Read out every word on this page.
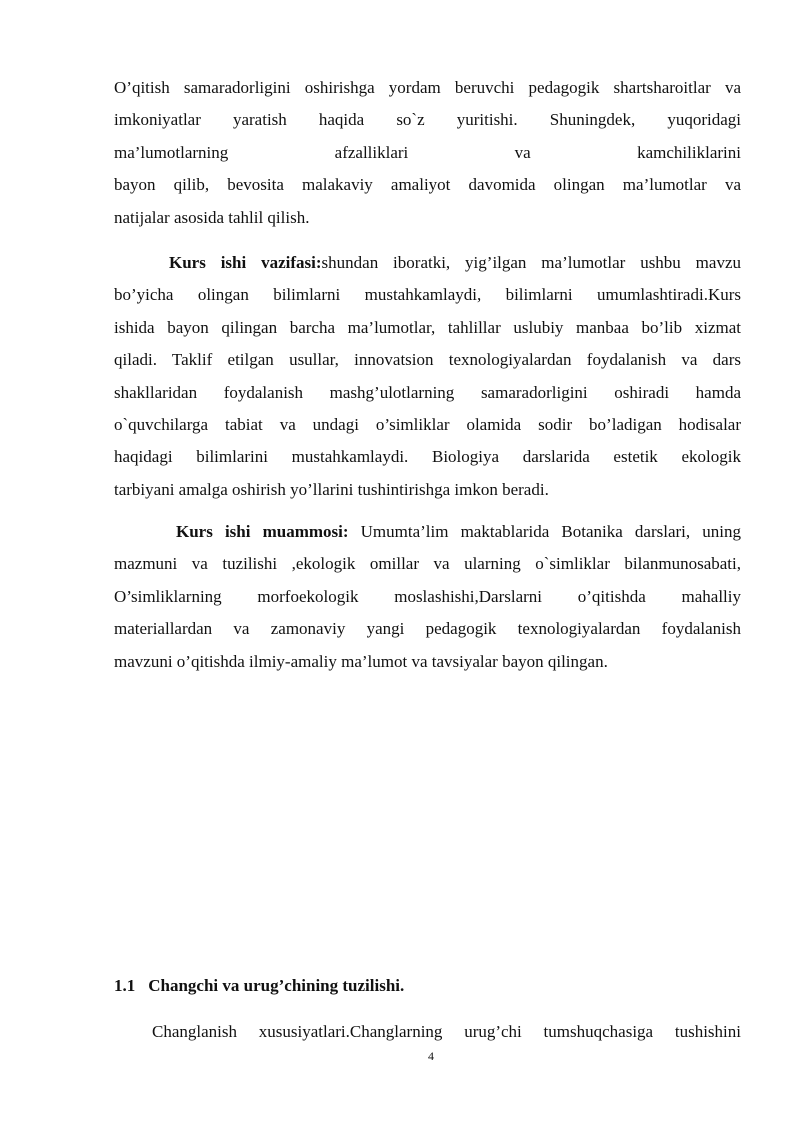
O’qitish samaradorligini oshirishga yordam beruvchi pedagogik shartsharoitlar va
imkoniyatlar yaratish haqida so`z yuritishi. Shuningdek, yuqoridagi
ma’lumotlarning	afzalliklari	va	kamchiliklarini
bayon qilib, bevosita malakaviy amaliyot davomida olingan ma’lumotlar va
natijalar asosida tahlil qilish.
Kurs ishi vazifasi:shundan iboratki, yig’ilgan ma’lumotlar ushbu mavzu
bo’yicha olingan bilimlarni mustahkamlaydi, bilimlarni umumlashtiradi.Kurs
ishida bayon qilingan barcha ma’lumotlar, tahlillar uslubiy manbaa bo’lib xizmat
qiladi. Taklif etilgan usullar, innovatsion texnologiyalardan foydalanish va dars
shakllaridan foydalanish mashg’ulotlarning samaradorligini oshiradi hamda
o`quvchilarga tabiat va undagi o’simliklar olamida sodir bo’ladigan hodisalar
haqidagi bilimlarini mustahkamlaydi. Biologiya darslarida estetik ekologik
tarbiyani amalga oshirish yo’llarini tushintirishga imkon beradi.
Kurs ishi muammosi: Umumta’lim maktablarida Botanika darslari, uning
mazmuni va tuzilishi ,ekologik omillar va ularning o`simliklar bilanmunosabati,
O’simliklarning morfoekologik moslashishi,Darslarni o’qitishda mahalliy
materiallardan va zamonaviy yangi pedagogik texnologiyalardan foydalanish
mavzuni o’qitishda ilmiy-amaliy ma’lumot va tavsiyalar bayon qilingan.
1.1 Changchi va urug’chining tuzilishi.
Changlanish xususiyatlari.Changlarning urug’chi tumshuqchasiga tushishini
4
